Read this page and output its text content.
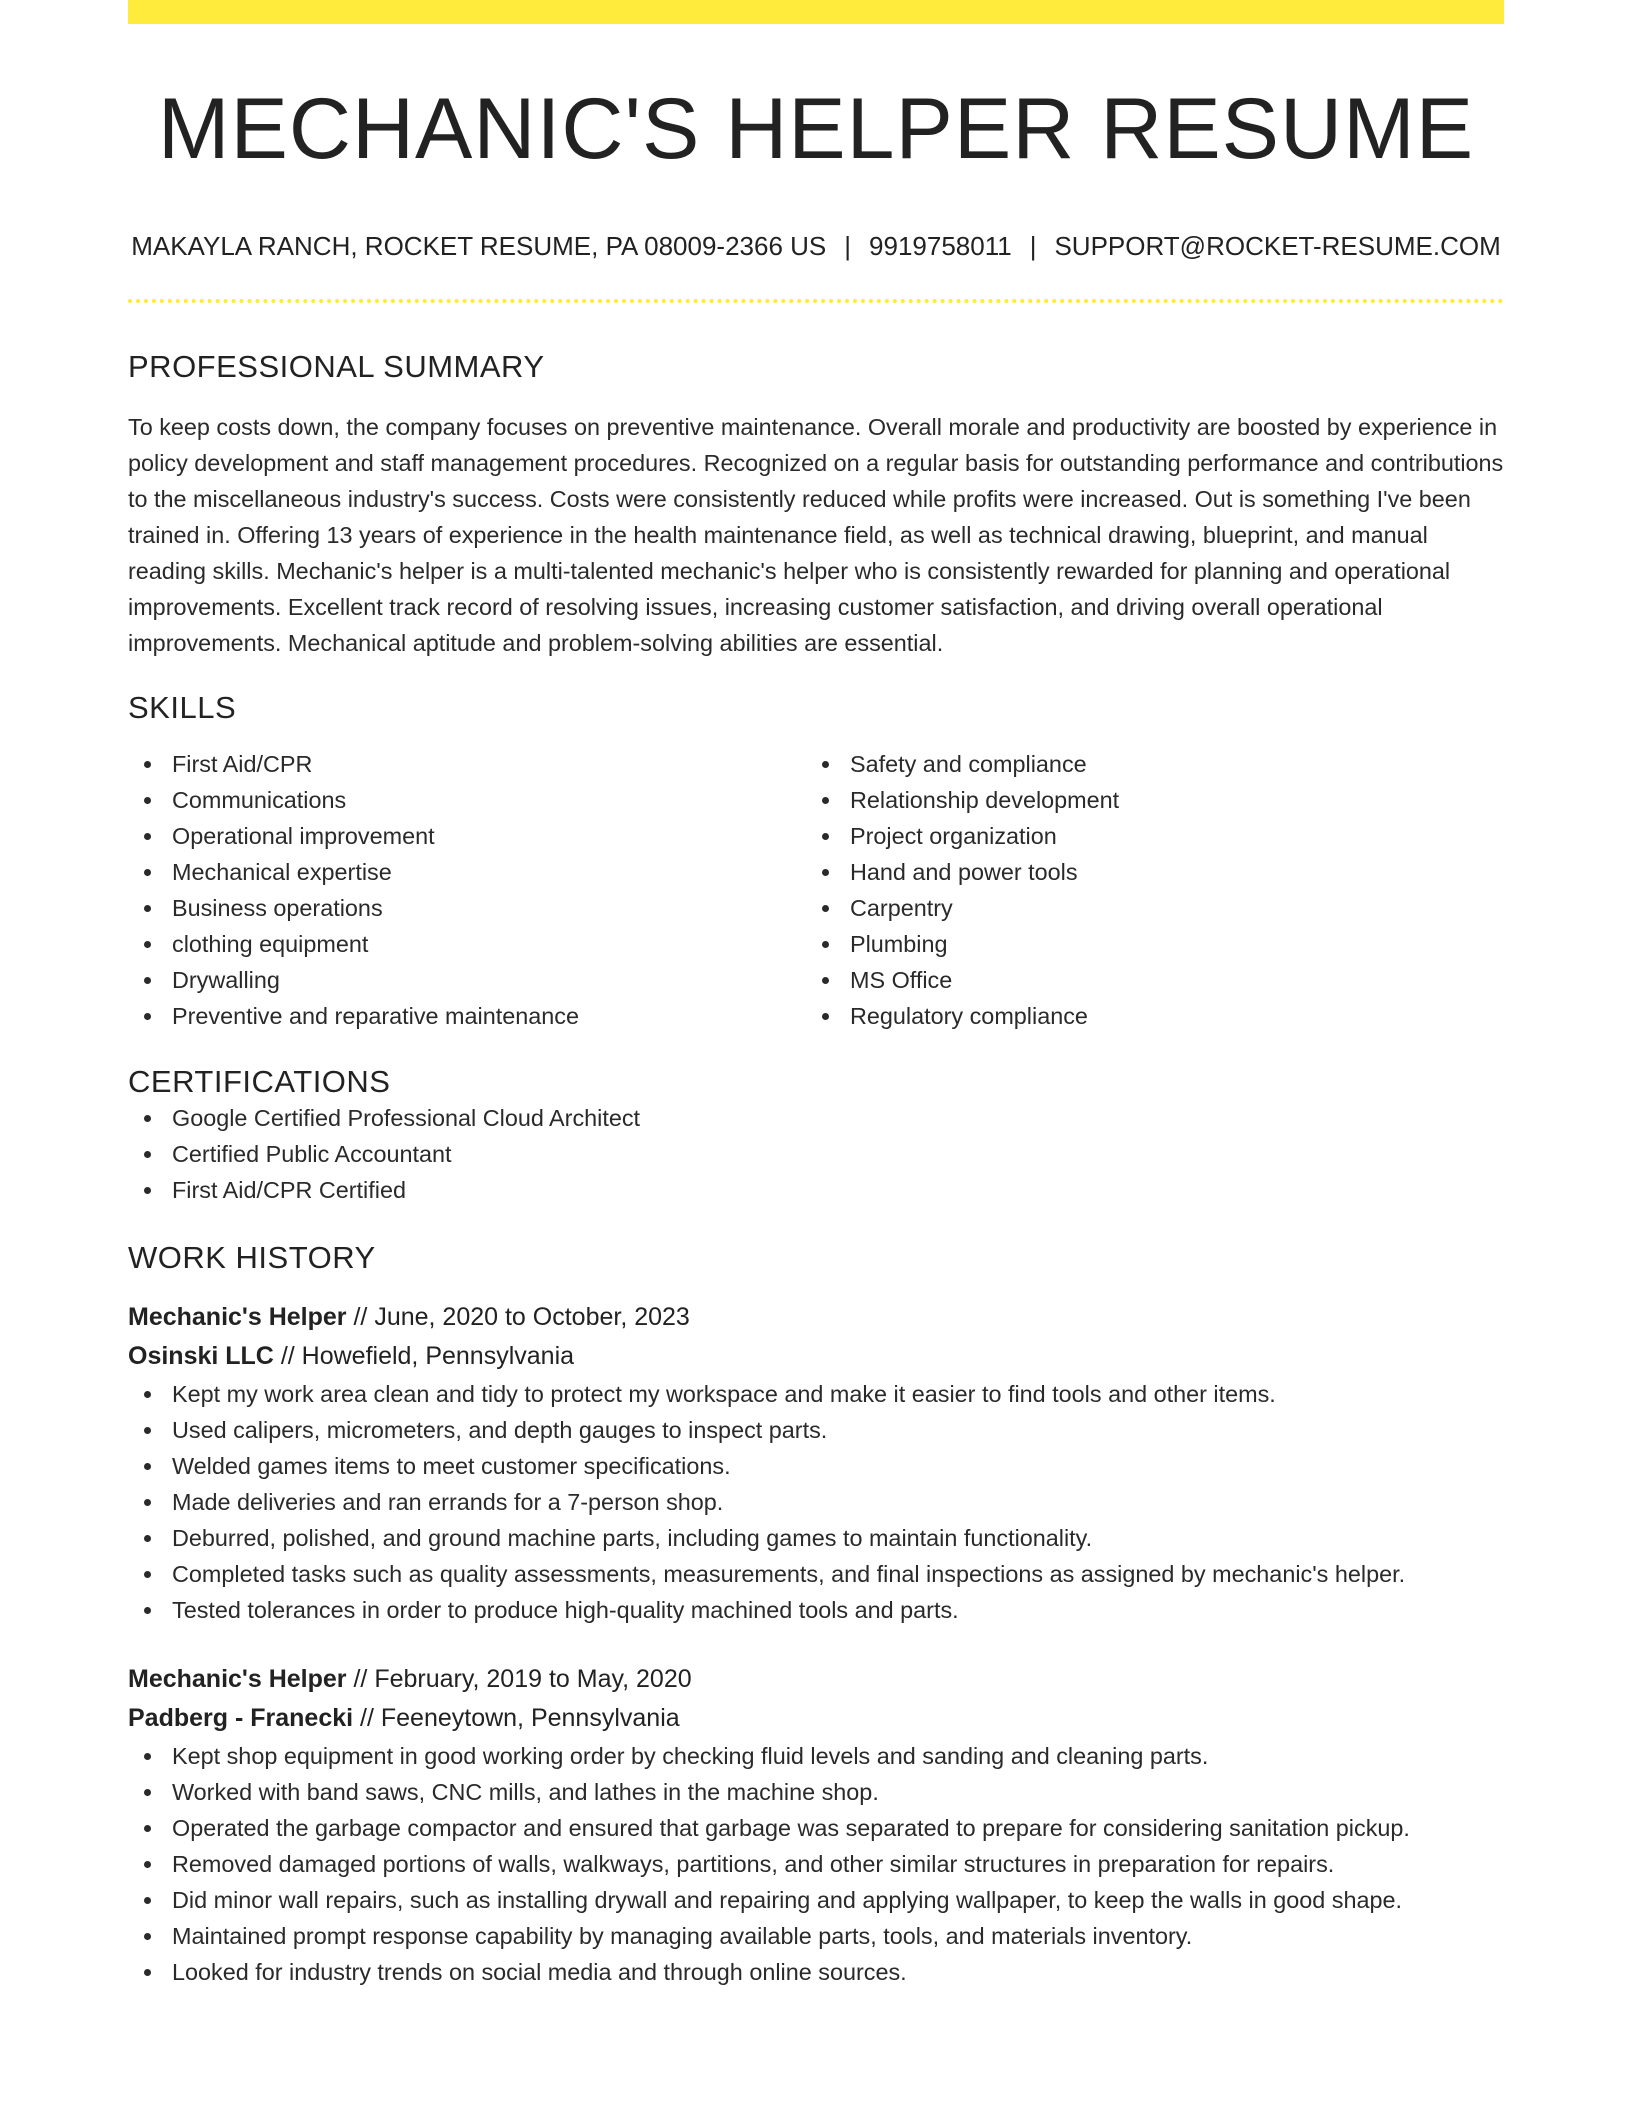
MECHANIC'S HELPER RESUME
MAKAYLA RANCH, ROCKET RESUME, PA 08009-2366 US | 9919758011 | SUPPORT@ROCKET-RESUME.COM
PROFESSIONAL SUMMARY

To keep costs down, the company focuses on preventive maintenance. Overall morale and productivity are boosted by experience in policy development and staff management procedures. Recognized on a regular basis for outstanding performance and contributions to the miscellaneous industry's success. Costs were consistently reduced while profits were increased. Out is something I've been trained in. Offering 13 years of experience in the health maintenance field, as well as technical drawing, blueprint, and manual reading skills. Mechanic's helper is a multi-talented mechanic's helper who is consistently rewarded for planning and operational improvements. Excellent track record of resolving issues, increasing customer satisfaction, and driving overall operational improvements. Mechanical aptitude and problem-solving abilities are essential.

SKILLS
First Aid/CPR
Communications
Operational improvement
Mechanical expertise
Business operations
clothing equipment
Drywalling
Preventive and reparative maintenance
Safety and compliance
Relationship development
Project organization
Hand and power tools
Carpentry
Plumbing
MS Office
Regulatory compliance
CERTIFICATIONS
Google Certified Professional Cloud Architect
Certified Public Accountant
First Aid/CPR Certified
WORK HISTORY
Mechanic's Helper // June, 2020 to October, 2023
Osinski LLC // Howefield, Pennsylvania
Kept my work area clean and tidy to protect my workspace and make it easier to find tools and other items.
Used calipers, micrometers, and depth gauges to inspect parts.
Welded games items to meet customer specifications.
Made deliveries and ran errands for a 7-person shop.
Deburred, polished, and ground machine parts, including games to maintain functionality.
Completed tasks such as quality assessments, measurements, and final inspections as assigned by mechanic's helper.
Tested tolerances in order to produce high-quality machined tools and parts.
Mechanic's Helper // February, 2019 to May, 2020
Padberg - Franecki // Feeneytown, Pennsylvania
Kept shop equipment in good working order by checking fluid levels and sanding and cleaning parts.
Worked with band saws, CNC mills, and lathes in the machine shop.
Operated the garbage compactor and ensured that garbage was separated to prepare for considering sanitation pickup.
Removed damaged portions of walls, walkways, partitions, and other similar structures in preparation for repairs.
Did minor wall repairs, such as installing drywall and repairing and applying wallpaper, to keep the walls in good shape.
Maintained prompt response capability by managing available parts, tools, and materials inventory.
Looked for industry trends on social media and through online sources.
